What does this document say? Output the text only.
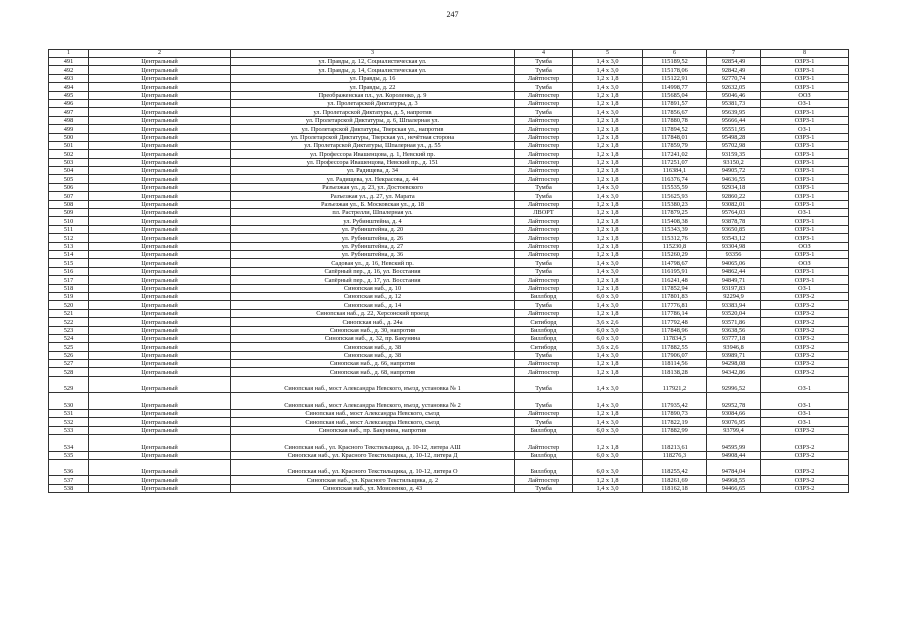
247
1	2	3	4	5	6	7	8
491	Центральный	ул. Правды, д. 12, Социалистическая ул.	Тумба	1,4 x 3,0	115189,52	92854,49	ОЗРЗ-1
492	Центральный	ул. Правды, д. 14, Социалистическая ул.	Тумба	1,4 x 3,0	115178,06	92842,49	ОЗРЗ-1
493	Центральный	ул. Правды, д. 16	Лайтпостер	1,2 x 1,8	115122,91	92770,74	ОЗРЗ-1
494	Центральный	ул. Правды, д. 22	Тумба	1,4 x 3,0	114998,77	92632,05	ОЗРЗ-1
495	Центральный	Преображенская пл., ул. Короленко, д. 9	Лайтпостер	1,2 x 1,8	115685,04	95046,46	ООЗ
496	Центральный	ул. Пролетарской Диктатуры, д. 3	Лайтпостер	1,2 x 1,8	117891,57	95381,73	ОЗ-1
497	Центральный	ул. Пролетарской Диктатуры, д. 5, напротив	Тумба	1,4 x 3,0	117856,67	95639,95	ОЗРЗ-1
498	Центральный	ул. Пролетарской Диктатуры, д. 6, Шпалерная ул.	Лайтпостер	1,2 x 1,8	117880,78	95666,44	ОЗРЗ-1
499	Центральный	ул. Пролетарской Диктатуры, Тверская ул., напротив	Лайтпостер	1,2 x 1,8	117894,52	95551,95	ОЗ-1
500	Центральный	ул. Пролетарской Диктатуры, Тверская ул., нечётная сторона	Лайтпостер	1,2 x 1,8	117848,01	95498,28	ОЗРЗ-1
501	Центральный	ул. Пролетарской Диктатуры, Шпалерная ул., д. 55	Лайтпостер	1,2 x 1,8	117859,79	95702,98	ОЗРЗ-1
502	Центральный	ул. Профессора Ивашенцова, д. 1, Невский пр.	Лайтпостер	1,2 x 1,8	117241,02	93159,35	ОЗРЗ-1
503	Центральный	ул. Профессора Ивашенцова, Невский пр., д. 151	Лайтпостер	1,2 x 1,8	117251,07	93150,2	ОЗРЗ-1
504	Центральный	ул. Радищева, д. 34	Лайтпостер	1,2 x 1,8	116384,1	94905,72	ОЗРЗ-1
505	Центральный	ул. Радищева, ул. Некрасова, д. 44	Лайтпостер	1,2 x 1,8	116376,74	94636,55	ОЗРЗ-1
506	Центральный	Разъезжая ул., д. 23, ул. Достоевского	Тумба	1,4 x 3,0	115535,59	92934,18	ОЗРЗ-1
507	Центральный	Разъезжая ул., д. 27, ул. Марата	Тумба	1,4 x 3,0	115625,93	92860,22	ОЗРЗ-1
508	Центральный	Разъезжая ул., Б. Московская ул., д. 18	Лайтпостер	1,2 x 1,8	115380,23	93082,01	ОЗРЗ-1
509	Центральный	пл. Растрелли, Шпалерная ул.	ЛВОРТ	1,2 x 1,8	117879,25	95764,03	ОЗ-1
510	Центральный	ул. Рубинштейна, д. 4	Лайтпостер	1,2 x 1,8	115408,38	93878,78	ОЗРЗ-1
511	Центральный	ул. Рубинштейна, д. 20	Лайтпостер	1,2 x 1,8	115343,39	93650,85	ОЗРЗ-1
512	Центральный	ул. Рубинштейна, д. 26	Лайтпостер	1,2 x 1,8	115312,76	93543,12	ОЗРЗ-1
513	Центральный	ул. Рубинштейна, д. 27	Лайтпостер	1,2 x 1,8	115230,8	93304,98	ООЗ
514	Центральный	ул. Рубинштейна, д. 36	Лайтпостер	1,2 x 1,8	115260,29	93356	ОЗРЗ-1
515	Центральный	Садовая ул., д. 16, Невский пр.	Тумба	1,4 x 3,0	114798,67	94065,06	ООЗ
516	Центральный	Сапёрный пер., д. 16, ул. Восстания	Тумба	1,4 x 3,0	116195,91	94862,44	ОЗРЗ-1
517	Центральный	Сапёрный пер., д. 17, ул. Восстания	Лайтпостер	1,2 x 1,8	116241,48	94849,71	ОЗРЗ-1
518	Центральный	Синопская наб., д. 10	Лайтпостер	1,2 x 1,8	117852,94	93197,83	ОЗ-1
519	Центральный	Синопская наб., д. 12	Биллборд	6,0 x 3,0	117801,83	92294,9	ОЗРЗ-2
520	Центральный	Синопская наб., д. 14	Тумба	1,4 x 3,0	117776,81	93383,94	ОЗРЗ-2
521	Центральный	Синопская наб., д. 22, Херсонский проезд	Лайтпостер	1,2 x 1,8	117786,14	93520,04	ОЗРЗ-2
522	Центральный	Синопская наб., д. 24а	Ситиборд	3,6 x 2,6	117792,48	93571,86	ОЗРЗ-2
523	Центральный	Синопская наб., д. 30, напротив	Биллборд	6,0 x 3,0	117848,96	93638,56	ОЗРЗ-2
524	Центральный	Синопская наб., д. 32, пр. Бакунина	Биллборд	6,0 x 3,0	117834,5	93777,18	ОЗРЗ-2
525	Центральный	Синопская наб., д. 38	Ситиборд	3,6 x 2,6	117882,55	93946,8	ОЗРЗ-2
526	Центральный	Синопская наб., д. 38	Тумба	1,4 x 3,0	117906,07	93989,71	ОЗРЗ-2
527	Центральный	Синопская наб., д. 66, напротив	Лайтпостер	1,2 x 1,8	118114,56	94298,08	ОЗРЗ-2
528	Центральный	Синопская наб., д. 68, напротив	Лайтпостер	1,2 x 1,8	118138,28	94342,86	ОЗРЗ-2
529	Центральный	Синопская наб., мост Александра Невского, въезд, установка № 1	Тумба	1,4 x 3,0	117921,2	92996,52	ОЗ-1
530	Центральный	Синопская наб., мост Александра Невского, въезд, установка № 2	Тумба	1,4 x 3,0	117935,42	92952,78	ОЗ-1
531	Центральный	Синопская наб., мост Александра Невского, съезд	Лайтпостер	1,2 x 1,8	117890,73	93084,66	ОЗ-1
532	Центральный	Синопская наб., мост Александра Невского, съезд	Тумба	1,4 x 3,0	117822,19	93076,95	ОЗ-1
533	Центральный	Синопская наб., пр. Бакунина, напротив	Биллборд	6,0 x 3,0	117882,99	93799,4	ОЗРЗ-2
534	Центральный	Синопская наб., ул. Красного Текстильщика, д. 10-12, литера АШ	Лайтпостер	1,2 x 1,8	118213,61	94595,99	ОЗРЗ-2
535	Центральный	Синопская наб., ул. Красного Текстильщика, д. 10-12, литера Д	Биллборд	6,0 x 3,0	118276,3	94908,44	ОЗРЗ-2
536	Центральный	Синопская наб., ул. Красного Текстильщика, д. 10-12, литера О	Биллборд	6,0 x 3,0	118255,42	94784,04	ОЗРЗ-2
537	Центральный	Синопская наб., ул. Красного Текстильщика, д. 2	Лайтпостер	1,2 x 1,8	118261,69	94968,55	ОЗРЗ-2
538	Центральный	Синопская наб., ул. Моисеенко, д. 43	Тумба	1,4 x 3,0	118162,18	94466,65	ОЗРЗ-2
